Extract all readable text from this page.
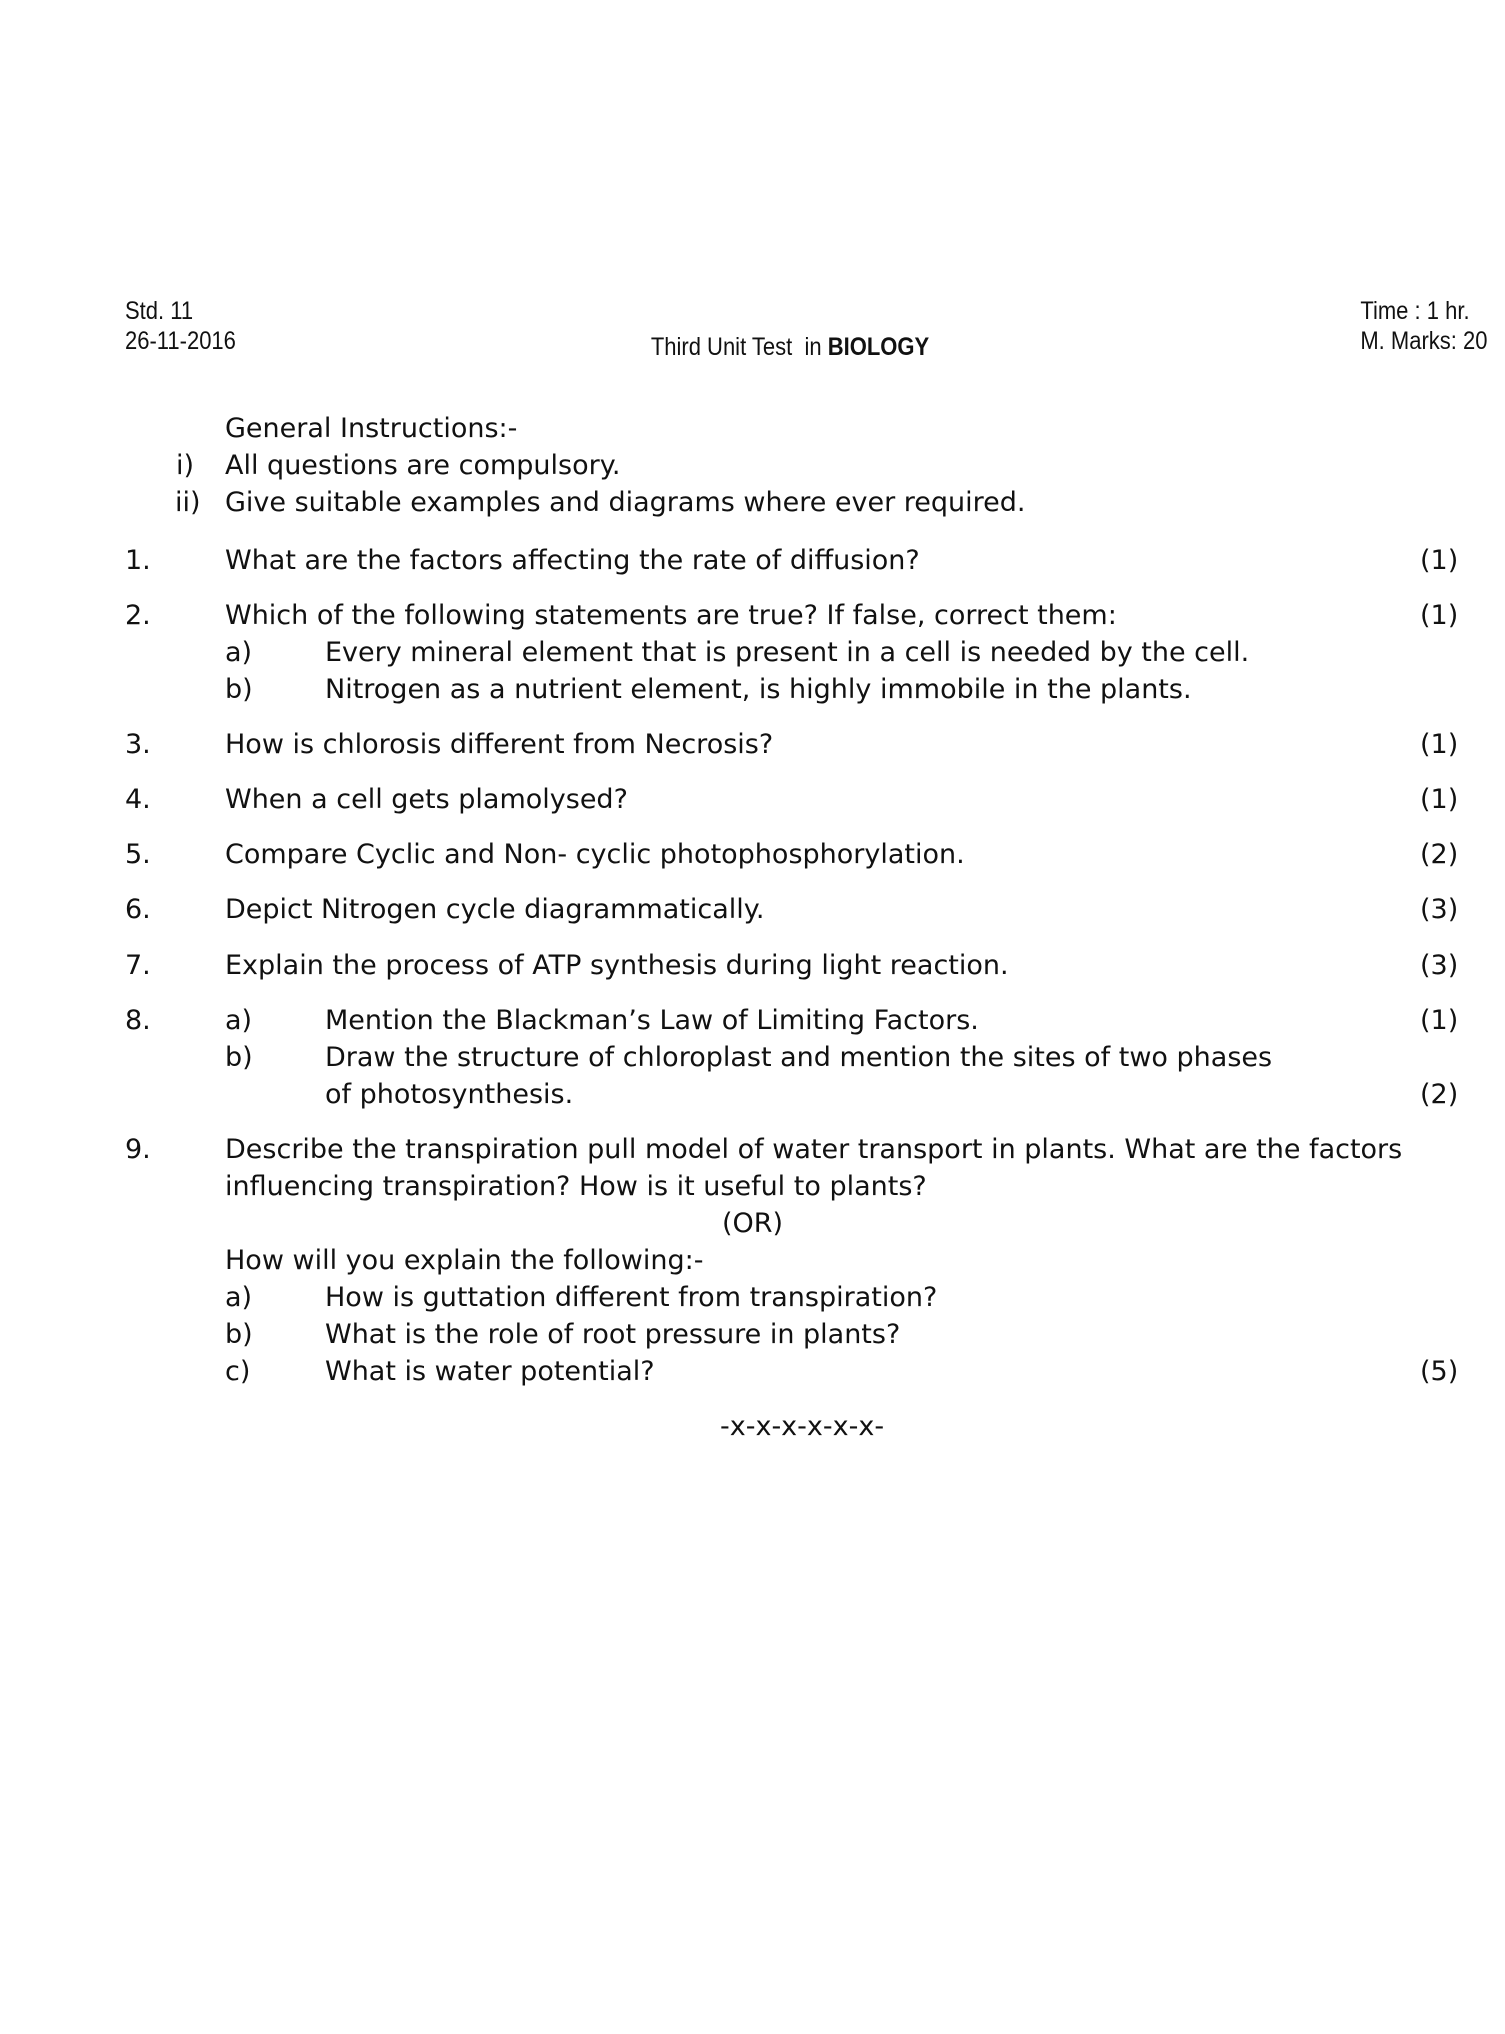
Std. 11
26-11-2016
Time : 1 hr.
M. Marks: 20
Third Unit Test  in BIOLOGY
General Instructions:-
i) All questions are compulsory.
ii) Give suitable examples and diagrams where ever required.
1.	What are the factors affecting the rate of diffusion?	(1)
2.	Which of the following statements are true? If false, correct them:	(1)
a)	Every mineral element that is present in a cell is needed by the cell.
b)	Nitrogen as a nutrient element, is highly immobile in the plants.
3.	How is chlorosis different from Necrosis?	(1)
4.	When a cell gets plamolysed?	(1)
5.	Compare Cyclic and Non- cyclic photophosphorylation.	(2)
6.	Depict Nitrogen cycle diagrammatically.	(3)
7.	Explain the process of ATP synthesis during light reaction.	(3)
8.	a)	Mention the Blackman’s Law of Limiting Factors.	(1)
b)	Draw the structure of chloroplast and mention the sites of two phases
of photosynthesis.	(2)
9.	Describe the transpiration pull model of water transport in plants. What are the factors
influencing transpiration? How is it useful to plants?
(OR)
How will you explain the following:-
a)	How is guttation different from transpiration?
b)	What is the role of root pressure in plants?
c)	What is water potential?	(5)
-x-x-x-x-x-x-
